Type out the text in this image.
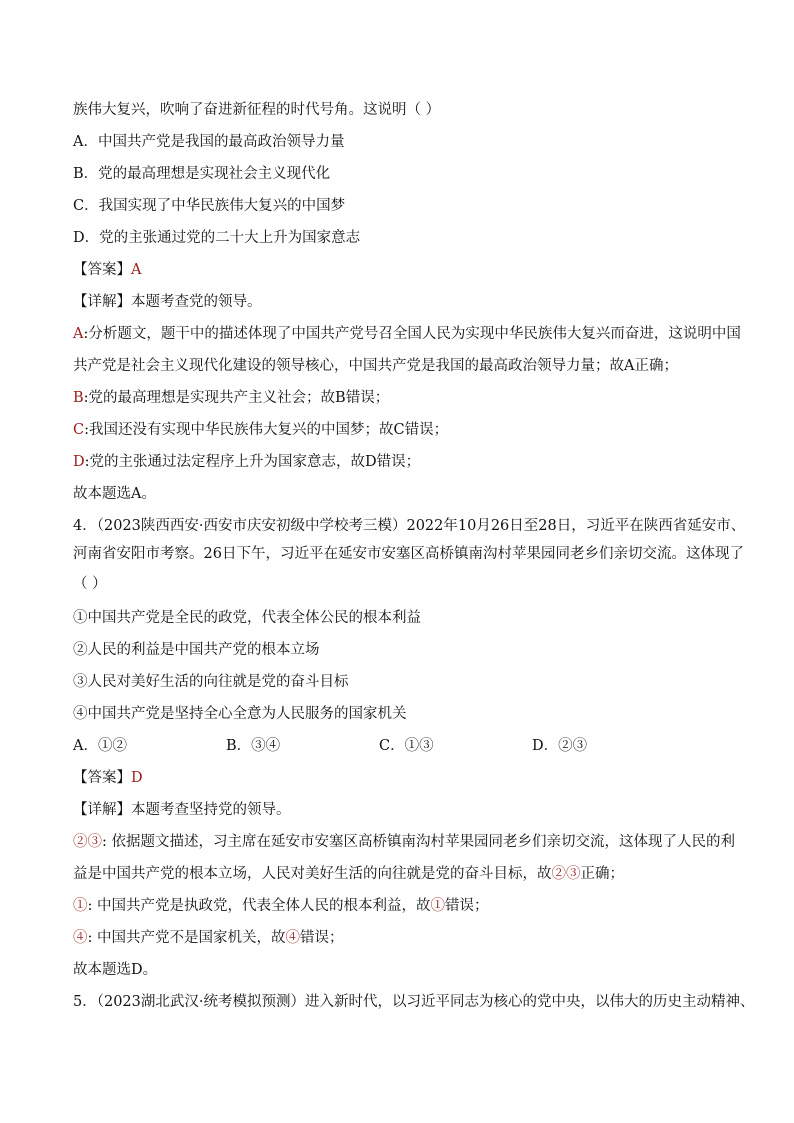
族伟大复兴，吹响了奋进新征程的时代号角。这说明（ ）

A．中国共产党是我国的最高政治领导力量

B．党的最高理想是实现社会主义现代化

C．我国实现了中华民族伟大复兴的中国梦

D．党的主张通过党的二十大上升为国家意志

【答案】A

【详解】本题考查党的领导。

A:分析题文，题干中的描述体现了中国共产党号召全国人民为实现中华民族伟大复兴而奋进，这说明中国

共产党是社会主义现代化建设的领导核心，中国共产党是我国的最高政治领导力量；故A正确；

B:党的最高理想是实现共产主义社会；故B错误；

C:我国还没有实现中华民族伟大复兴的中国梦；故C错误；

D:党的主张通过法定程序上升为国家意志，故D错误；

故本题选A。

4．（2023陕西西安·西安市庆安初级中学校考三模）2022年10月26日至28日，习近平在陕西省延安市、

河南省安阳市考察。26日下午，习近平在延安市安塞区高桥镇南沟村苹果园同老乡们亲切交流。这体现了

（ ）

①中国共产党是全民的政党，代表全体公民的根本利益

②人民的利益是中国共产党的根本立场

③人民对美好生活的向往就是党的奋斗目标

④中国共产党是坚持全心全意为人民服务的国家机关

A．①②	B．③④	C．①③	D．②③

【答案】D

【详解】本题考查坚持党的领导。

②③: 依据题文描述，习主席在延安市安塞区高桥镇南沟村苹果园同老乡们亲切交流，这体现了人民的利

益是中国共产党的根本立场，人民对美好生活的向往就是党的奋斗目标，故②③正确；

①: 中国共产党是执政党，代表全体人民的根本利益，故①错误；

④: 中国共产党不是国家机关，故④错误；

故本题选D。

5．（2023湖北武汉·统考模拟预测）进入新时代，以习近平同志为核心的党中央，以伟大的历史主动精神、
